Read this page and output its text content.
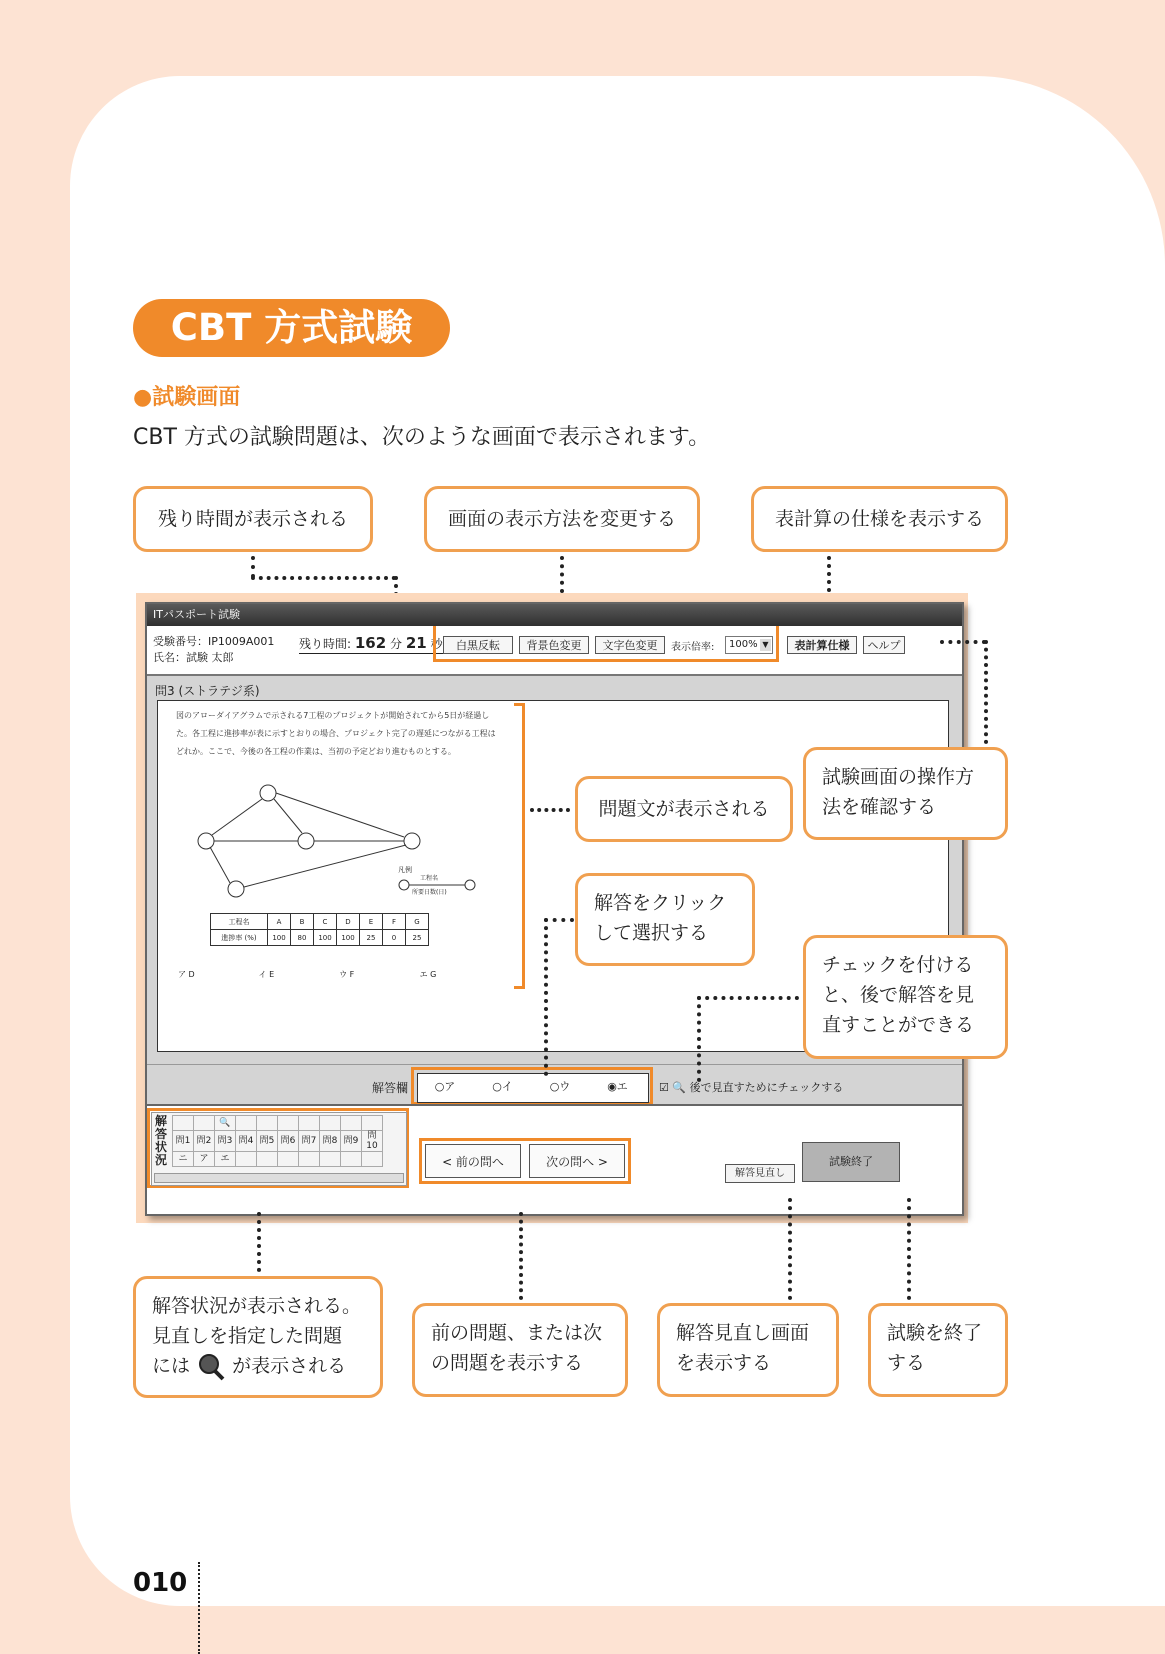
CBT 方式試験
●試験画面
CBT 方式の試験問題は、次のような画面で表示されます。
残り時間が表示される	画面の表示方法を変更する	表計算の仕様を表示する
ITパスポート試験
受験番号：IP1009A001
氏名：試験 太郎
残り時間: 162 分 21 秒	白黒反転	背景色変更	文字色変更	表示倍率:	100% ▼	表計算仕様	ヘルプ
問3 (ストラテジ系)
図のアローダイアグラムで示される7工程のプロジェクトが開始されてから5日が経過した。各工程に進捗率が表に示すとおりの場合、プロジェクト完了の遅延につながる工程はどれか。ここで、今後の各工程の作業は、当初の予定どおり進むものとする。
凡例
工程名
所要日数(日)
工程名	A	B	C	D	E	F	G
進捗率 (%)	100	80	100	100	25	0	25
ア D	イ E	ウ F	エ G
解答欄	○ア	○イ	○ウ	◉エ	☑ 🔍 後で見直すためにチェックする
解答状況
		🔍							
問1	問2	問3	問4	問5	問6	問7	問8	問9	問10
ニ	ア	エ								< 前の問へ	次の問へ >
解答見直し
試験終了
試験画面の操作方
法を確認する
問題文が表示される
解答をクリック
して選択する
チェックを付ける
と、後で解答を見
直すことができる
解答状況が表示される。
見直しを指定した問題
には が表示される
前の問題、または次
の問題を表示する
解答見直し画面
を表示する
試験を終了
する
010
